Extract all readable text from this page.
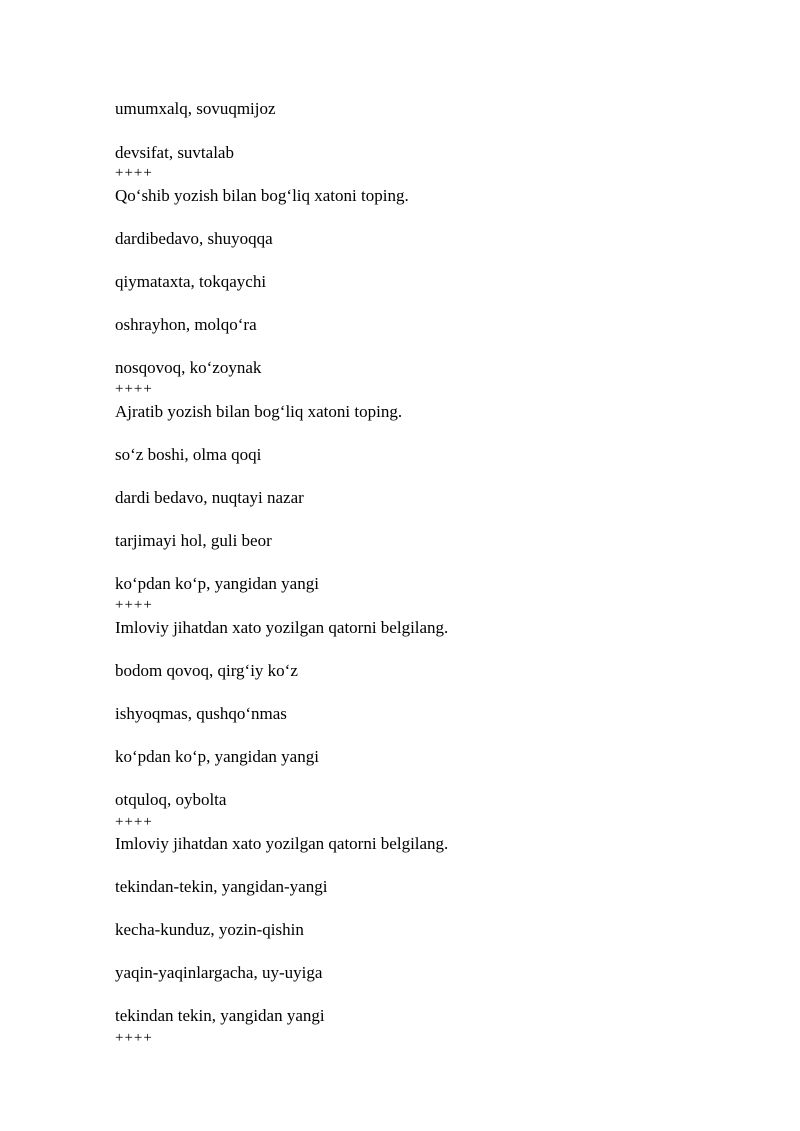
umumxalq, sovuqmijoz
devsifat, suvtalab
++++
Qo‘shib yozish bilan bog‘liq xatoni toping.
dardibedavo, shuyoqqa
qiymataxta, tokqaychi
oshrayhon, molqo‘ra
nosqovoq, ko‘zoynak
++++
Ajratib yozish bilan bog‘liq xatoni toping.
so‘z boshi, olma qoqi
dardi bedavo, nuqtayi nazar
tarjimayi hol, guli beor
ko‘pdan ko‘p, yangidan yangi
++++
Imloviy jihatdan xato yozilgan qatorni belgilang.
bodom qovoq, qirg‘iy ko‘z
ishyoqmas, qushqo‘nmas
ko‘pdan ko‘p, yangidan yangi
otquloq, oybolta
++++
Imloviy jihatdan xato yozilgan qatorni belgilang.
tekindan-tekin, yangidan-yangi
kecha-kunduz, yozin-qishin
yaqin-yaqinlargacha, uy-uyiga
tekindan tekin, yangidan yangi
++++
